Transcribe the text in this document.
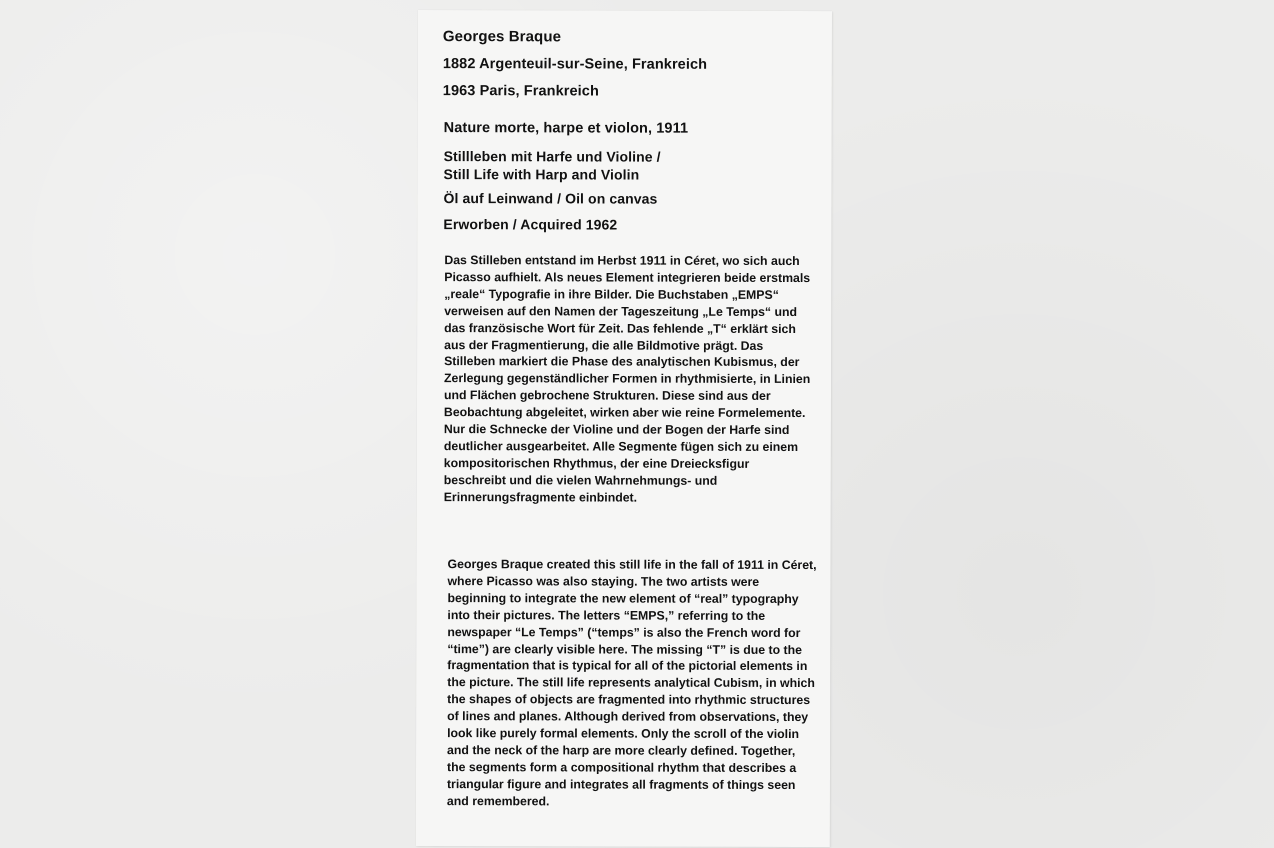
Georges Braque
1882 Argenteuil-sur-Seine, Frankreich
1963 Paris, Frankreich
Nature morte, harpe et violon, 1911
Stillleben mit Harfe und Violine /
Still Life with Harp and Violin
Öl auf Leinwand / Oil on canvas
Erworben / Acquired 1962
Das Stilleben entstand im Herbst 1911 in Céret, wo sich auch Picasso aufhielt. Als neues Element integrieren beide erstmals „reale“ Typografie in ihre Bilder. Die Buchstaben „EMPS“ verweisen auf den Namen der Tageszeitung „Le Temps“ und das französische Wort für Zeit. Das fehlende „T“ erklärt sich aus der Fragmentierung, die alle Bildmotive prägt. Das Stilleben markiert die Phase des analytischen Kubismus, der Zerlegung gegenständlicher Formen in rhythmisierte, in Linien und Flächen gebrochene Strukturen. Diese sind aus der Beobachtung abgeleitet, wirken aber wie reine Formelemente. Nur die Schnecke der Violine und der Bogen der Harfe sind deutlicher ausgearbeitet. Alle Segmente fügen sich zu einem kompositorischen Rhythmus, der eine Dreiecksfigur beschreibt und die vielen Wahrnehmungs- und Erinnerungsfragmente einbindet.
Georges Braque created this still life in the fall of 1911 in Céret, where Picasso was also staying. The two artists were beginning to integrate the new element of “real” typography into their pictures. The letters “EMPS,” referring to the newspaper “Le Temps” (“temps” is also the French word for “time”) are clearly visible here. The missing “T” is due to the fragmentation that is typical for all of the pictorial elements in the picture. The still life represents analytical Cubism, in which the shapes of objects are fragmented into rhythmic structures of lines and planes. Although derived from observations, they look like purely formal elements. Only the scroll of the violin and the neck of the harp are more clearly defined. Together, the segments form a compositional rhythm that describes a triangular figure and integrates all fragments of things seen and remembered.
